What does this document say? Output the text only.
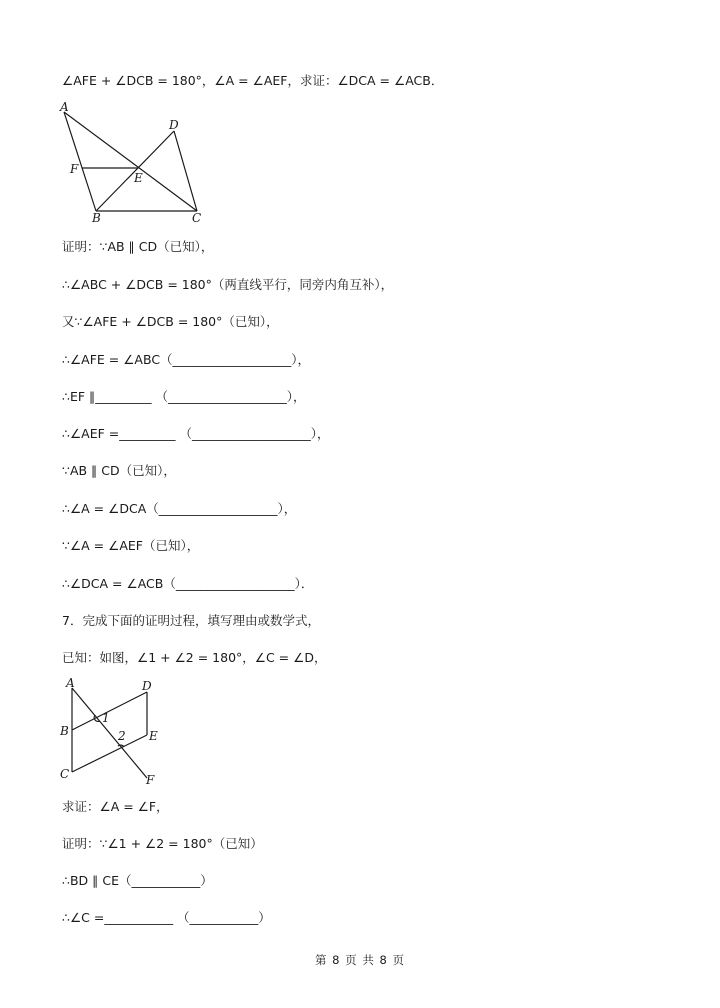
∠AFE + ∠DCB = 180°，∠A = ∠AEF，求证：∠DCA = ∠ACB．
A
D
F
E
B	C
证明：∵AB ∥ CD（已知），
∴∠ABC + ∠DCB = 180°（两直线平行，同旁内角互补），
又∵∠AFE + ∠DCB = 180°（已知），
∴∠AFE = ∠ABC（___________________），
∴EF ∥_________ （___________________），
∴∠AEF =_________ （___________________），
∵AB ∥ CD（已知），
∴∠A = ∠DCA（___________________），
∵∠A = ∠AEF（已知），
∴∠DCA = ∠ACB（___________________）．
7．完成下面的证明过程，填写理由或数学式，
已知：如图，∠1 + ∠2 = 180°，∠C = ∠D，
A	D
B
1
2 E
C	F
求证：∠A = ∠F，
证明：∵∠1 + ∠2 = 180°（已知）
∴BD ∥ CE（___________）
∴∠C =___________ （___________）
第 8 页 共 8 页
